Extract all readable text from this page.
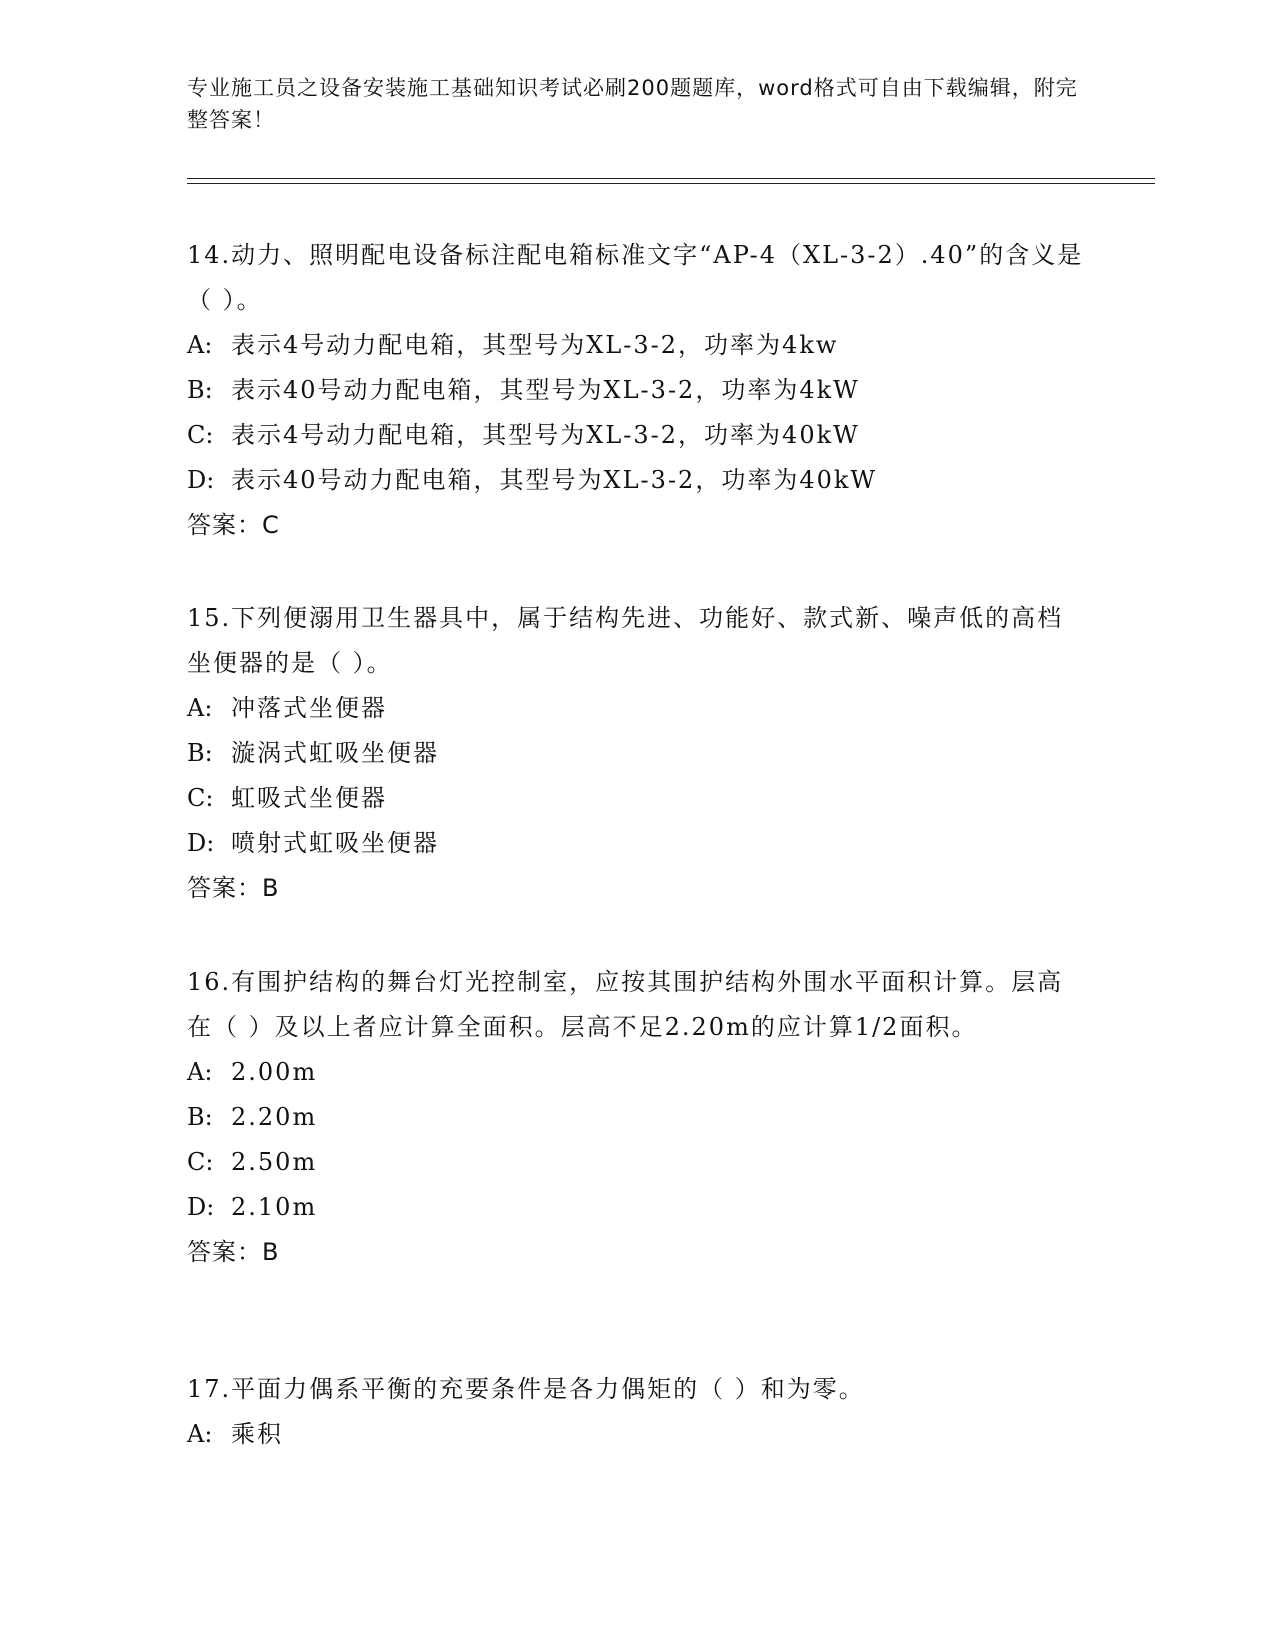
专业施工员之设备安装施工基础知识考试必刷200题题库，word格式可自由下载编辑，附完整答案！

14.动力、照明配电设备标注配电箱标准文字“AP-4（XL-3-2）.40”的含义是（ ）。

A: 表示4号动力配电箱，其型号为XL-3-2，功率为4kw

B: 表示40号动力配电箱，其型号为XL-3-2，功率为4kW

C: 表示4号动力配电箱，其型号为XL-3-2，功率为40kW

D: 表示40号动力配电箱，其型号为XL-3-2，功率为40kW

答案：C

15.下列便溺用卫生器具中，属于结构先进、功能好、款式新、噪声低的高档坐便器的是（ ）。

A: 冲落式坐便器

B: 漩涡式虹吸坐便器

C: 虹吸式坐便器

D: 喷射式虹吸坐便器

答案：B

16.有围护结构的舞台灯光控制室，应按其围护结构外围水平面积计算。层高在（ ）及以上者应计算全面积。层高不足2.20m的应计算1/2面积。

A: 2.00m

B: 2.20m

C: 2.50m

D: 2.10m

答案：B

17.平面力偶系平衡的充要条件是各力偶矩的（ ）和为零。

A: 乘积
